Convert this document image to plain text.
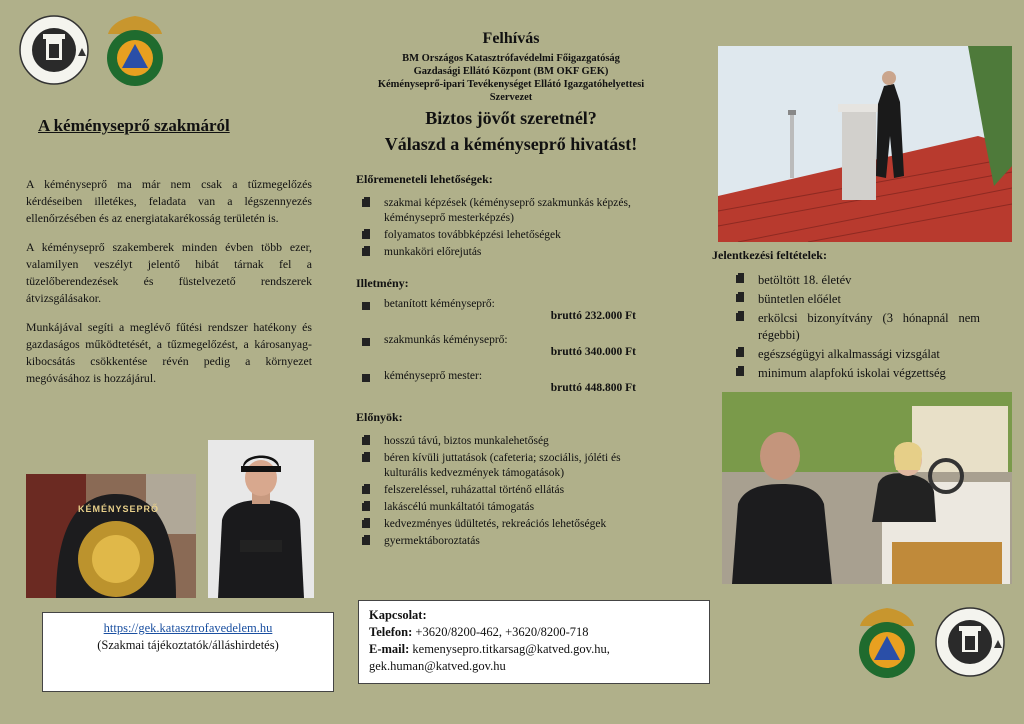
A kéményseprő szakmáról

A kéményseprő ma már nem csak a tűzmegelőzés kérdéseiben illetékes, feladata van a légszennyezés ellenőrzésében és az energiatakarékosság területén is.

A kéményseprő szakemberek minden évben több ezer, valamilyen veszélyt jelentő hibát tárnak fel a tüzelőberendezések és füstelvezető rendszerek átvizsgálásakor.

Munkájával segíti a meglévő fűtési rendszer hatékony és gazdaságos működtetését, a tűzmegelőzést, a károsanyag-kibocsátás csökkentése révén pedig a környezet megóvásához is hozzájárul.

KÉMÉNYSEPRŐ
https://gek.katasztrofavedelem.hu
(Szakmai tájékoztatók/álláshirdetés)
Felhívás
BM Országos Katasztrófavédelmi Főigazgatóság
Gazdasági Ellátó Központ (BM OKF GEK)
Kéményseprő-ipari Tevékenységet Ellátó Igazgatóhelyettesi
Szervezet
Biztos jövőt szeretnél?
Válaszd a kéményseprő hivatást!
Előremeneteli lehetőségek:
szakmai képzések (kéményseprő szakmunkás képzés, kéményseprő mesterképzés)
folyamatos továbbképzési lehetőségek
munkaköri előrejutás
Illetmény:
betanított kéményseprő:
bruttó 232.000 Ft
szakmunkás kéményseprő:
bruttó 340.000 Ft
kéményseprő mester:
bruttó 448.800 Ft
Előnyök:
hosszú távú, biztos munkalehetőség
béren kívüli juttatások (cafeteria; szociális, jóléti és kulturális kedvezmények támogatások)
felszereléssel, ruházattal történő ellátás
lakáscélú munkáltatói támogatás
kedvezményes üdültetés, rekreációs lehetőségek
gyermektáboroztatás
Kapcsolat:
Telefon: +3620/8200-462, +3620/8200-718
E-mail: kemenysepro.titkarsag@katved.gov.hu,
gek.human@katved.gov.hu
Jelentkezési feltételek:
betöltött 18. életév
büntetlen előélet
erkölcsi bizonyítvány (3 hónapnál nem régebbi)
egészségügyi alkalmassági vizsgálat
minimum alapfokú iskolai végzettség
